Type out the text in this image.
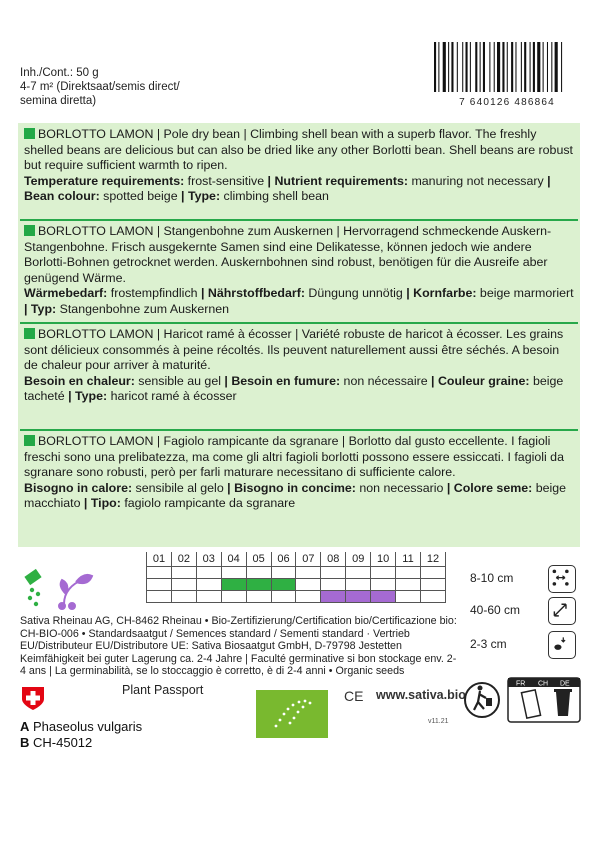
Inh./Cont.: 50 g
4-7 m² (Direktsaat/semis direct/
semina diretta)	7 640126 486864

BORLOTTO LAMON | Pole dry bean | Climbing shell bean with a superb flavor. The freshly shelled beans are delicious but can also be dried like any other Borlotti bean. Shell beans are robust but require sufficient warmth to ripen.

Temperature requirements: frost-sensitive | Nutrient requirements: manuring not necessary | Bean colour: spotted beige | Type: climbing shell bean

BORLOTTO LAMON | Stangenbohne zum Auskernen | Hervorragend schmeckende Auskern-Stangenbohne. Frisch ausgekernte Samen sind eine Delikatesse, können jedoch wie andere Borlotti-Bohnen getrocknet werden. Auskernbohnen sind robust, benötigen für die Ausreife aber genügend Wärme.

Wärmebedarf: frostempfindlich | Nährstoffbedarf: Düngung unnötig | Kornfarbe: beige marmoriert | Typ: Stangenbohne zum Auskernen

BORLOTTO LAMON | Haricot ramé à écosser | Variété robuste de haricot à écosser. Les grains sont délicieux consommés à peine récoltés. Ils peuvent naturellement aussi être séchés. A besoin de chaleur pour arriver à maturité.

Besoin en chaleur: sensible au gel | Besoin en fumure: non nécessaire | Couleur graine: beige tacheté | Type: haricot ramé à écosser

BORLOTTO LAMON | Fagiolo rampicante da sgranare | Borlotto dal gusto eccellente. I fagioli freschi sono una prelibatezza, ma come gli altri fagioli borlotti possono essere essiccati. I fagioli da sgranare sono robusti, però per farli maturare necessitano di sufficiente calore.

Bisogno in calore: sensibile al gelo | Bisogno in concime: non necessario | Colore seme: beige macchiato | Tipo: fagiolo rampicante da sgranare

01	02	03	04	05	06	07	08	09	10	11	12

8-10 cm
40-60 cm
2-3 cm
Sativa Rheinau AG, CH-8462 Rheinau • Bio-Zertifizierung/Certification bio/Certificazione bio: CH-BIO-006 • Standardsaatgut / Semences standard / Sementi standard · Vertrieb EU/Distributeur EU/Distributore UE: Sativa Biosaatgut GmbH, D-79798 Jestetten Keimfähigkeit bei guter Lagerung ca. 2-4 Jahre | Faculté germinative si bon stockage env. 2-4 ans | La germinabilità, se lo stoccaggio è corretto, è di 2-4 anni • Organic seeds
Plant Passport
A Phaseolus vulgaris
B CH-45012
CE www.sativa.bio
v11.21
FR CH DE
